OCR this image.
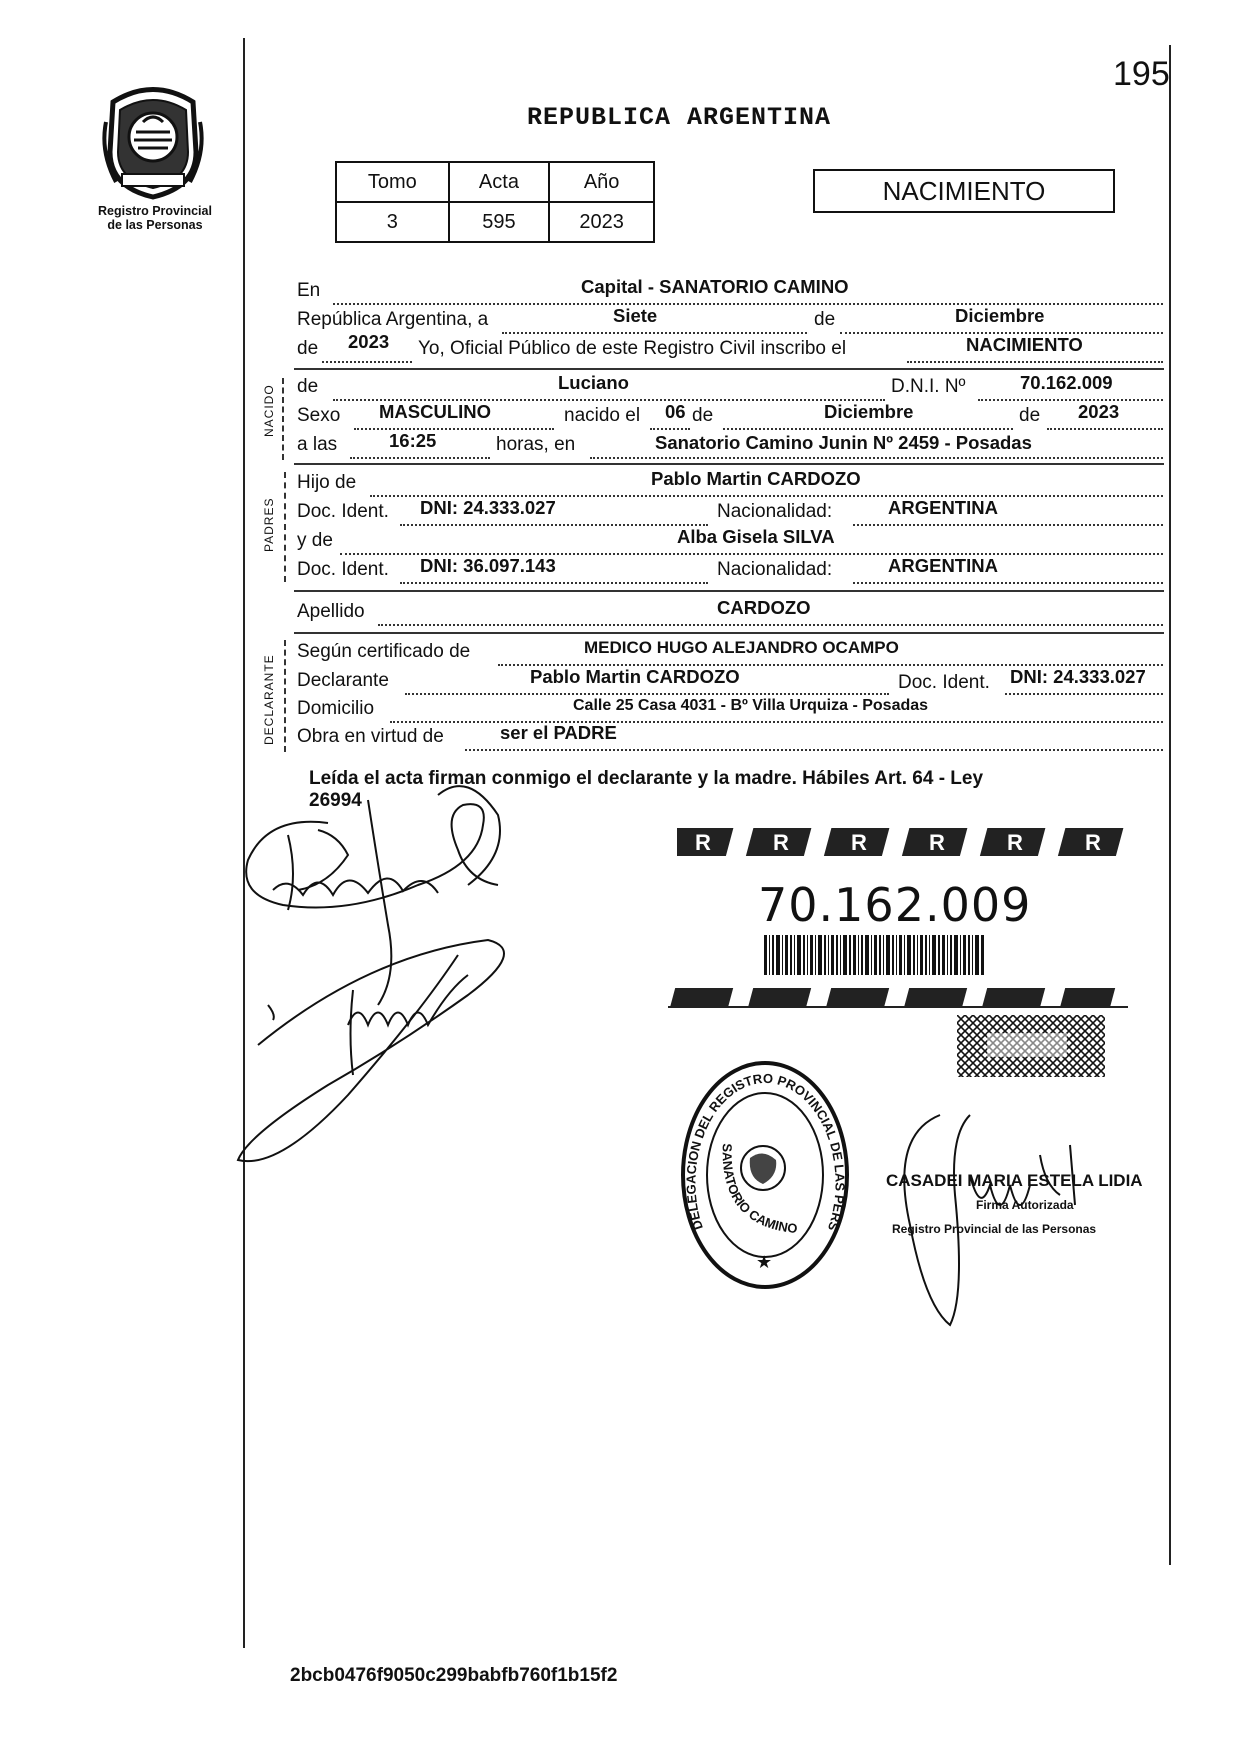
195
Registro Provincial
de las Personas
REPUBLICA ARGENTINA
Tomo	Acta	Año
3	595	2023
NACIMIENTO
En	Capital - SANATORIO CAMINO
República Argentina, a	Siete	de	Diciembre
de 2023 Yo, Oficial Público de este Registro Civil inscribo el	NACIMIENTO
NACIDO de	Luciano	D.N.I. Nº	70.162.009
Sexo MASCULINO	nacido el 06 de	Diciembre	de 2023
a las	16:25	horas, en	Sanatorio Camino Junin Nº 2459 - Posadas
PADRES
Hijo de	Pablo Martin CARDOZO
Doc. Ident. DNI: 24.333.027	Nacionalidad:	ARGENTINA
y de	Alba Gisela SILVA
Doc. Ident. DNI: 36.097.143	Nacionalidad:	ARGENTINA
Apellido	CARDOZO
DECLARANTE
Según certificado de	MEDICO HUGO ALEJANDRO OCAMPO
Declarante	Pablo Martin CARDOZO	Doc. Ident. DNI: 24.333.027
Domicilio	Calle 25 Casa 4031 - Bº Villa Urquiza - Posadas
Obra en virtud de	ser el PADRE
Leída el acta firman conmigo el declarante y la madre. Hábiles Art. 64 - Ley
26994
R	R	R	R	R	R
70.162.009
DELEGACION DEL REGISTRO PROVINCIAL DE LAS PERS
SANATORIO CAMINO
★
CASADEI MARIA ESTELA LIDIA
Firma Autorizada
Registro Provincial de las Personas
2bcb0476f9050c299babfb760f1b15f2
